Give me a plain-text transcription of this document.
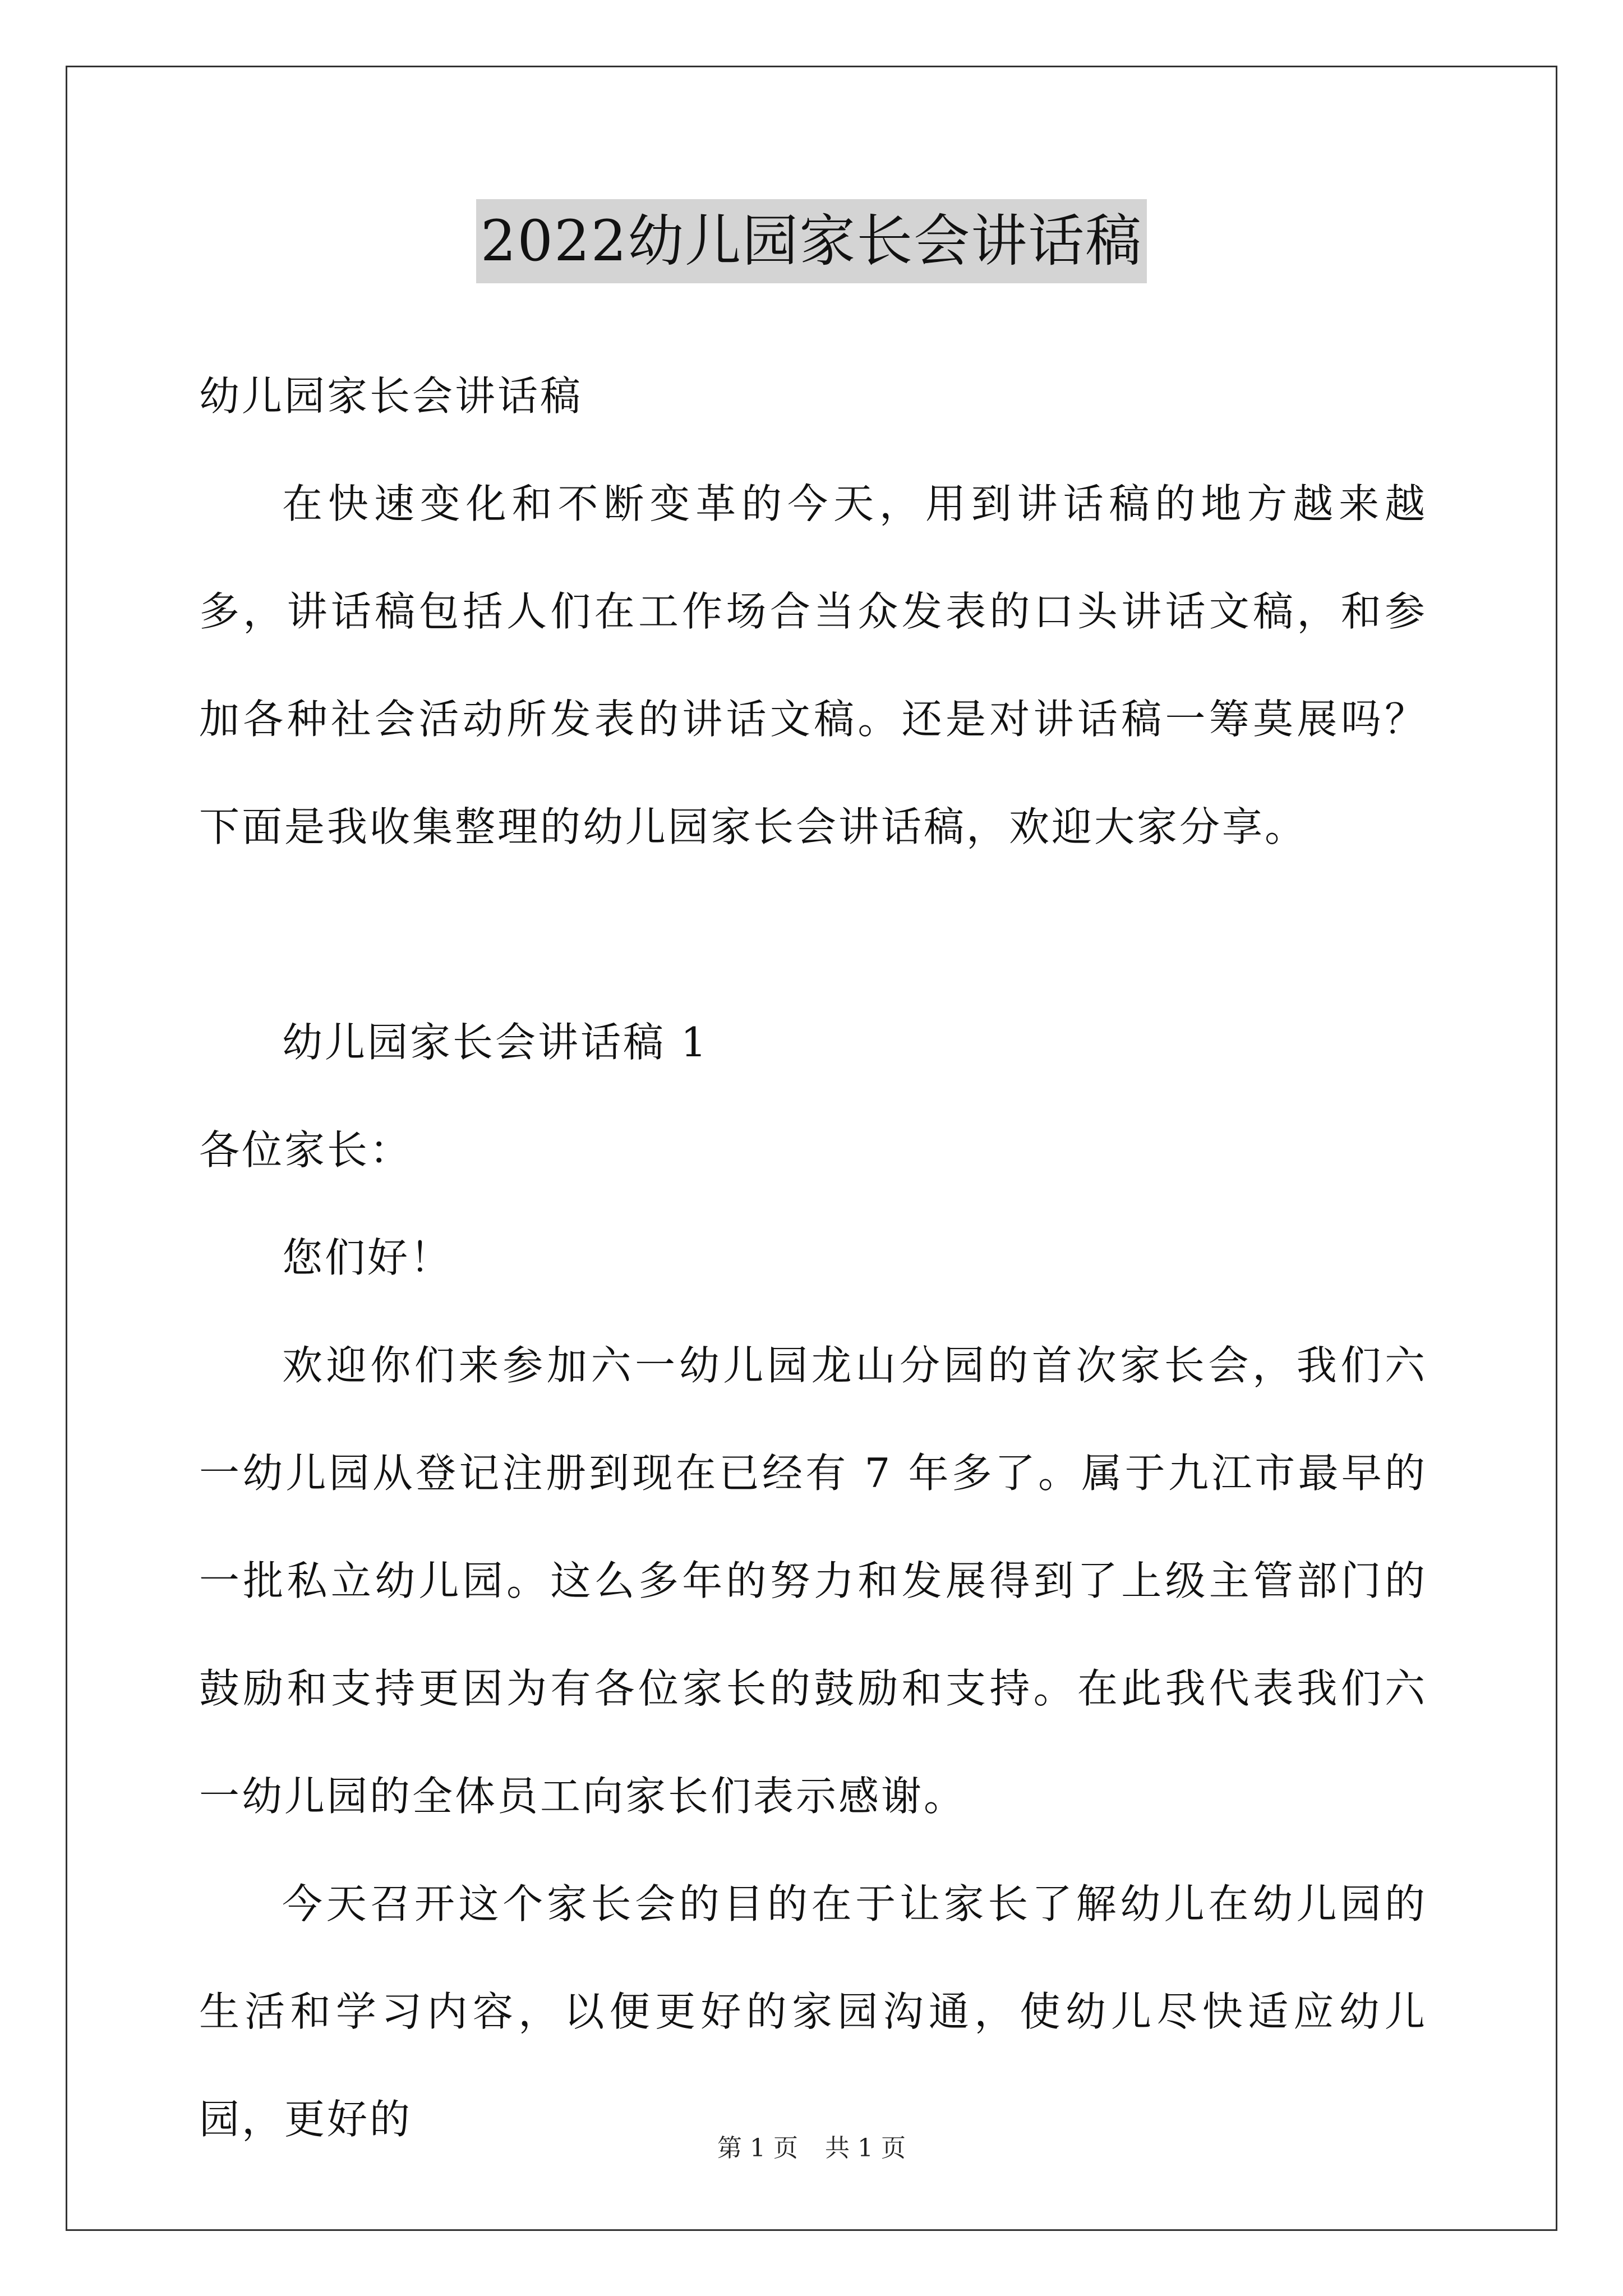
2022幼儿园家长会讲话稿

幼儿园家长会讲话稿

在快速变化和不断变革的今天，用到讲话稿的地方越来越多，讲话稿包括人们在工作场合当众发表的口头讲话文稿，和参加各种社会活动所发表的讲话文稿。还是对讲话稿一筹莫展吗？下面是我收集整理的幼儿园家长会讲话稿，欢迎大家分享。

幼儿园家长会讲话稿 1

各位家长：

您们好！

欢迎你们来参加六一幼儿园龙山分园的首次家长会，我们六一幼儿园从登记注册到现在已经有 7 年多了。属于九江市最早的一批私立幼儿园。这么多年的努力和发展得到了上级主管部门的鼓励和支持更因为有各位家长的鼓励和支持。在此我代表我们六一幼儿园的全体员工向家长们表示感谢。

今天召开这个家长会的目的在于让家长了解幼儿在幼儿园的生活和学习内容，以便更好的家园沟通，使幼儿尽快适应幼儿园，更好的

第 1 页 共 1 页
